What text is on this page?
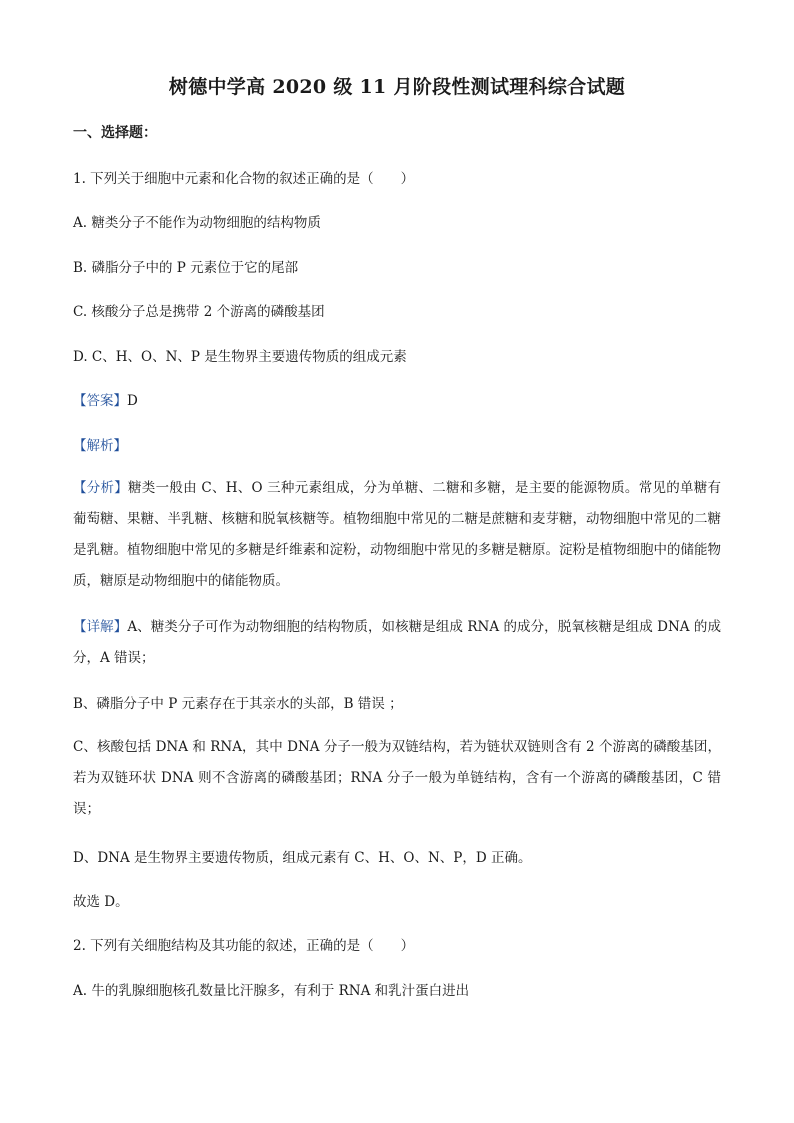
树德中学高 2020 级 11 月阶段性测试理科综合试题
一、选择题：
1. 下列关于细胞中元素和化合物的叙述正确的是（　　）
A. 糖类分子不能作为动物细胞的结构物质
B. 磷脂分子中的 P 元素位于它的尾部
C. 核酸分子总是携带 2 个游离的磷酸基团
D. C、H、O、N、P 是生物界主要遗传物质的组成元素
【答案】D
【解析】
【分析】糖类一般由 C、H、O 三种元素组成，分为单糖、二糖和多糖，是主要的能源物质。常见的单糖有葡萄糖、果糖、半乳糖、核糖和脱氧核糖等。植物细胞中常见的二糖是蔗糖和麦芽糖，动物细胞中常见的二糖是乳糖。植物细胞中常见的多糖是纤维素和淀粉，动物细胞中常见的多糖是糖原。淀粉是植物细胞中的储能物质，糖原是动物细胞中的储能物质。
【详解】A、糖类分子可作为动物细胞的结构物质，如核糖是组成 RNA 的成分，脱氧核糖是组成 DNA 的成分，A 错误；
B、磷脂分子中 P 元素存在于其亲水的头部，B 错误 ；
C、核酸包括 DNA 和 RNA，其中 DNA 分子一般为双链结构，若为链状双链则含有 2 个游离的磷酸基团，若为双链环状 DNA 则不含游离的磷酸基团；RNA 分子一般为单链结构，含有一个游离的磷酸基团，C 错误；
D、DNA 是生物界主要遗传物质，组成元素有 C、H、O、N、P，D 正确。
故选 D。
2. 下列有关细胞结构及其功能的叙述，正确的是（　　）
A. 牛的乳腺细胞核孔数量比汗腺多，有利于 RNA 和乳汁蛋白进出
